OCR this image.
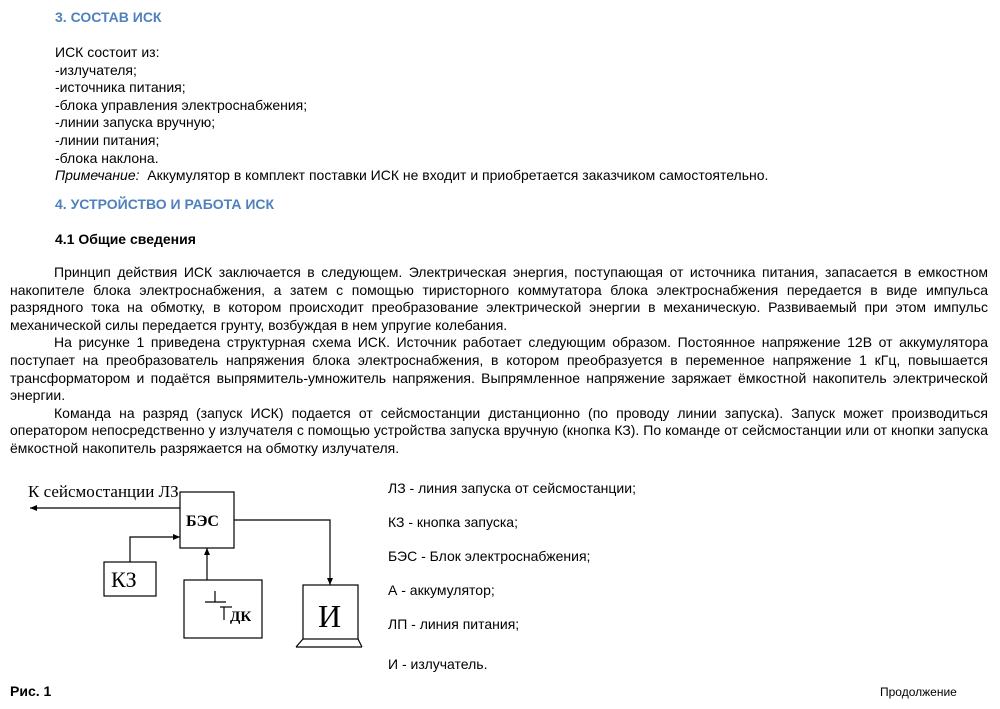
3. СОСТАВ ИСК
ИСК состоит из:
-излучателя;
-источника питания;
-блока управления электроснабжения;
-линии запуска вручную;
-линии питания;
-блока наклона.
Примечание: Аккумулятор в комплект поставки ИСК не входит и приобретается заказчиком самостоятельно.
4. УСТРОЙСТВО И РАБОТА ИСК
4.1 Общие сведения

Принцип действия ИСК заключается в следующем. Электрическая энергия, поступающая от источника питания, запасается в емкостном накопителе блока электроснабжения, а затем с помощью тиристорного коммутатора блока электроснабжения передается в виде импульса разрядного тока на обмотку, в котором происходит преобразование электрической энергии в механическую. Развиваемый при этом импульс механической силы передается грунту, возбуждая в нем упругие колебания.

На рисунке 1 приведена структурная схема ИСК. Источник работает следующим образом. Постоянное напряжение 12В от аккумулятора поступает на преобразователь напряжения блока электроснабжения, в котором преобразуется в переменное напряжение 1 кГц, повышается трансформатором и подаётся выпрямитель-умножитель напряжения. Выпрямленное напряжение заряжает ёмкостной накопитель электрической энергии.

Команда на разряд (запуск ИСК) подается от сейсмостанции дистанционно (по проводу линии запуска). Запуск может производиться оператором непосредственно у излучателя с помощью устройства запуска вручную (кнопка КЗ). По команде от сейсмостанции или от кнопки запуска ёмкостной накопитель разряжается на обмотку излучателя.

К сейсмостанции ЛЗ
БЭС
КЗ
ДК И
ЛЗ - линия запуска от сейсмостанции;
КЗ - кнопка запуска;
БЭС - Блок электроснабжения;
А - аккумулятор;
ЛП - линия питания;
И - излучатель.
Рис. 1	Продолжение
